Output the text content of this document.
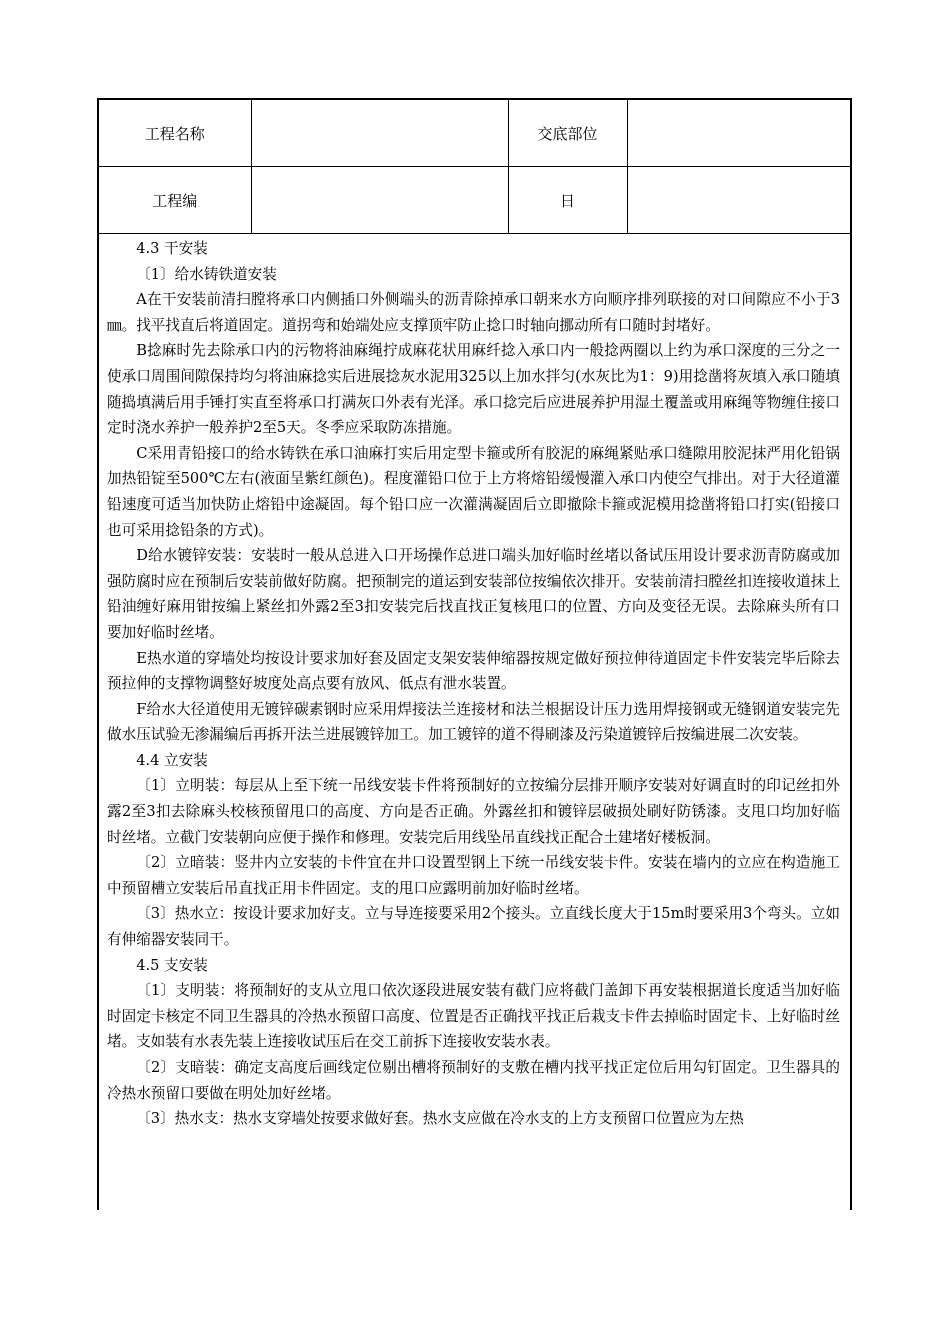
工程名称		交底部位	
工程编		日	

4.3 干安装

〔1〕给水铸铁道安装

A在干安装前清扫膛将承口内侧插口外侧端头的沥青除掉承口朝来水方向顺序排列联接的对口间隙应不小于3㎜。找平找直后将道固定。道拐弯和始端处应支撑顶牢防止捻口时轴向挪动所有口随时封堵好。

B捻麻时先去除承口内的污物将油麻绳拧成麻花状用麻纤捻入承口内一般捻两圈以上约为承口深度的三分之一使承口周围间隙保持均匀将油麻捻实后进展捻灰水泥用325以上加水拌匀(水灰比为1：9)用捻凿将灰填入承口随填随捣填满后用手锤打实直至将承口打满灰口外表有光泽。承口捻完后应进展养护用湿土覆盖或用麻绳等物缠住接口定时浇水养护一般养护2至5天。冬季应采取防冻措施。

C采用青铅接口的给水铸铁在承口油麻打实后用定型卡箍或所有胶泥的麻绳紧贴承口缝隙用胶泥抹严用化铅锅加热铅锭至500℃左右(液面呈紫红颜色)。程度灌铅口位于上方将熔铅缓慢灌入承口内使空气排出。对于大径道灌铅速度可适当加快防止熔铅中途凝固。每个铅口应一次灌满凝固后立即撤除卡箍或泥模用捻凿将铅口打实(铅接口也可采用捻铅条的方式)。

D给水镀锌安装：安装时一般从总进入口开场操作总进口端头加好临时丝堵以备试压用设计要求沥青防腐或加强防腐时应在预制后安装前做好防腐。把预制完的道运到安装部位按编依次排开。安装前清扫膛丝扣连接收道抹上铅油缠好麻用钳按编上紧丝扣外露2至3扣安装完后找直找正复核甩口的位置、方向及变径无误。去除麻头所有口要加好临时丝堵。

E热水道的穿墙处均按设计要求加好套及固定支架安装伸缩器按规定做好预拉伸待道固定卡件安装完毕后除去预拉伸的支撑物调整好坡度处高点要有放风、低点有泄水装置。

F给水大径道使用无镀锌碳素钢时应采用焊接法兰连接材和法兰根据设计压力选用焊接钢或无缝钢道安装完先做水压试验无渗漏编后再拆开法兰进展镀锌加工。加工镀锌的道不得刷漆及污染道镀锌后按编进展二次安装。

4.4 立安装

〔1〕立明装：每层从上至下统一吊线安装卡件将预制好的立按编分层排开顺序安装对好调直时的印记丝扣外露2至3扣去除麻头校核预留甩口的高度、方向是否正确。外露丝扣和镀锌层破损处刷好防锈漆。支甩口均加好临时丝堵。立截门安装朝向应便于操作和修理。安装完后用线坠吊直线找正配合土建堵好楼板洞。

〔2〕立暗装：竖井内立安装的卡件宜在井口设置型钢上下统一吊线安装卡件。安装在墙内的立应在构造施工中预留槽立安装后吊直找正用卡件固定。支的甩口应露明前加好临时丝堵。

〔3〕热水立：按设计要求加好支。立与导连接要采用2个接头。立直线长度大于15m时要采用3个弯头。立如有伸缩器安装同干。

4.5 支安装

〔1〕支明装：将预制好的支从立甩口依次逐段进展安装有截门应将截门盖卸下再安装根据道长度适当加好临时固定卡核定不同卫生器具的冷热水预留口高度、位置是否正确找平找正后栽支卡件去掉临时固定卡、上好临时丝堵。支如装有水表先装上连接收试压后在交工前拆下连接收安装水表。

〔2〕支暗装：确定支高度后画线定位剔出槽将预制好的支敷在槽内找平找正定位后用勾钉固定。卫生器具的冷热水预留口要做在明处加好丝堵。

〔3〕热水支：热水支穿墙处按要求做好套。热水支应做在冷水支的上方支预留口位置应为左热
